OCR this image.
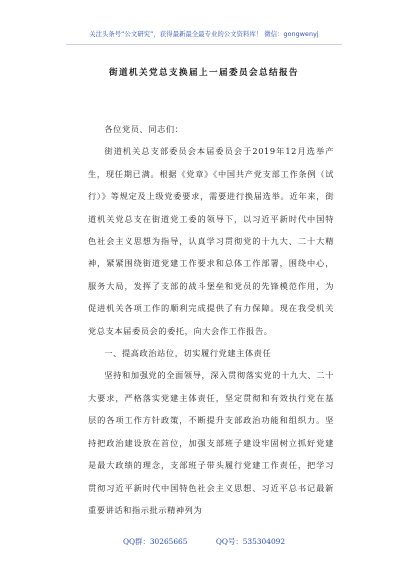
关注头条号“公文研究”，获得最新最全最专业的公文资料库！ 微信：gongwenyj
街道机关党总支换届上一届委员会总结报告

各位党员、同志们：

街道机关总支部委员会本届委员会于2019年12月选举产生，现任期已满。根据《党章》《中国共产党支部工作条例（试行）》等规定及上级党委要求，需要进行换届选举。近年来，街道机关党总支在街道党工委的领导下，以习近平新时代中国特色社会主义思想为指导，认真学习贯彻党的十九大、二十大精神，紧紧围绕街道党建工作要求和总体工作部署，围绕中心，服务大局，发挥了支部的战斗堡垒和党员的先锋模范作用，为促进机关各项工作的顺利完成提供了有力保障。现在我受机关党总支本届委员会的委托，向大会作工作报告。

一、提高政治站位，切实履行党建主体责任

坚持和加强党的全面领导，深入贯彻落实党的十九大、二十大要求，严格落实党建主体责任，坚定贯彻和有效执行党在基层的各项工作方针政策，不断提升支部政治功能和组织力。坚持把政治建设放在首位，加强支部班子建设牢固树立抓好党建是最大政绩的理念，支部班子带头履行党建工作责任，把学习贯彻习近平新时代中国特色社会主义思想、习近平总书记最新重要讲话和指示批示精神列为

QQ群：30265665	QQ号：535304092
